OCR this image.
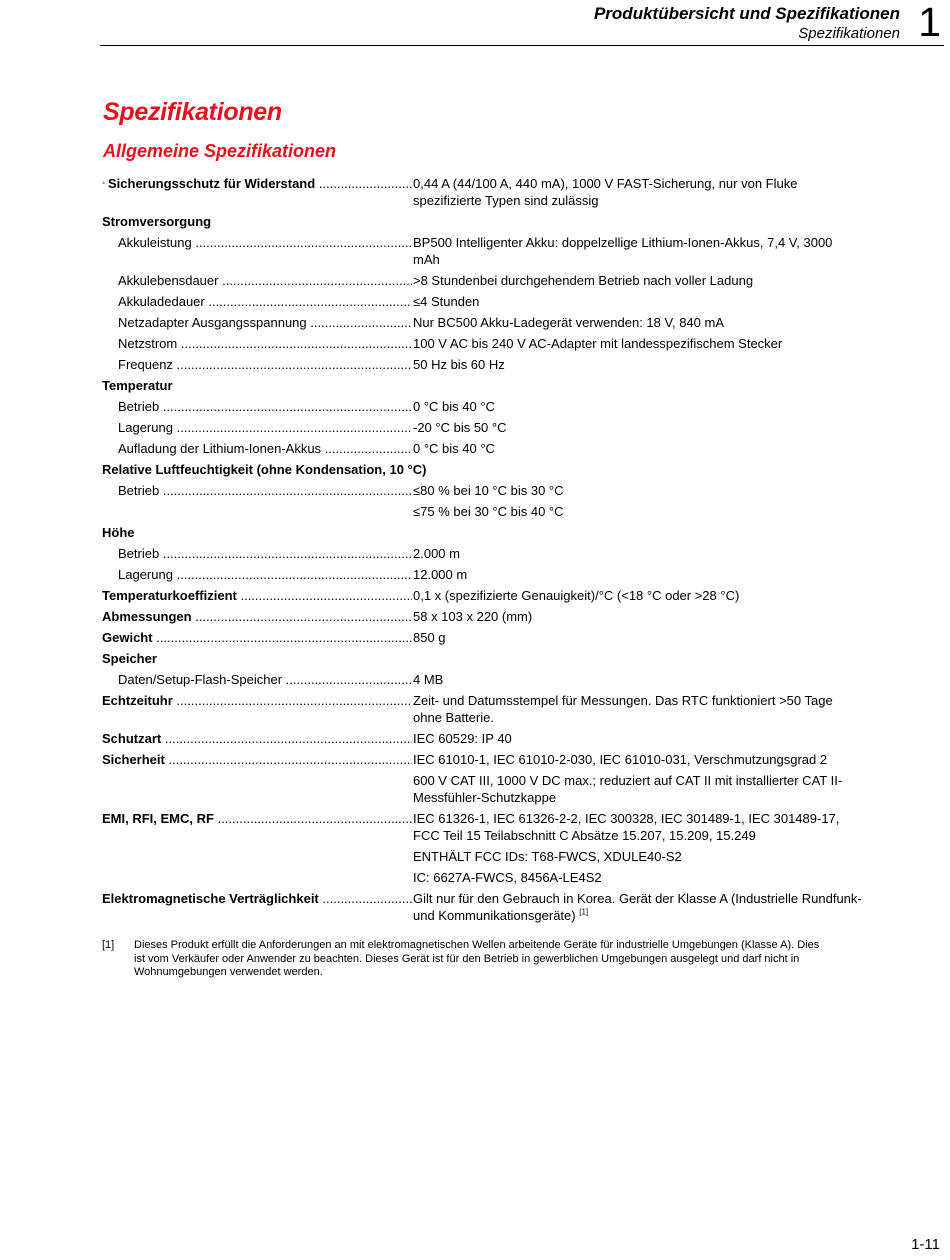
Produktübersicht und Spezifikationen
Spezifikationen 1
Spezifikationen
Allgemeine Spezifikationen
Sicherungsschutz für Widerstand .....	0,44 A (44/100 A, 440 mA), 1000 V FAST-Sicherung, nur von Fluke spezifizierte Typen sind zulässig
Stromversorgung
Akkuleistung .....	BP500 Intelligenter Akku: doppelzellige Lithium-Ionen-Akkus, 7,4 V, 3000 mAh
Akkulebensdauer .....	>8 Stundenbei durchgehendem Betrieb nach voller Ladung
Akkuladedauer .....	≤4 Stunden
Netzadapter Ausgangsspannung .....	Nur BC500 Akku-Ladegerät verwenden: 18 V, 840 mA
Netzstrom .....	100 V AC bis 240 V AC-Adapter mit landesspezifischem Stecker
Frequenz .....	50 Hz bis 60 Hz
Temperatur
Betrieb .....	0 °C bis 40 °C
Lagerung .....	-20 °C bis 50 °C
Aufladung der Lithium-Ionen-Akkus .....	0 °C bis 40 °C
Relative Luftfeuchtigkeit (ohne Kondensation, 10 °C)
Betrieb .....	≤80 % bei 10 °C bis 30 °C
≤75 % bei 30 °C bis 40 °C
Höhe
Betrieb .....	2.000 m
Lagerung .....	12.000 m
Temperaturkoeffizient .....	0,1 x (spezifizierte Genauigkeit)/°C (<18 °C oder >28 °C)
Abmessungen .....	58 x 103 x 220 (mm)
Gewicht .....	850 g
Speicher
Daten/Setup-Flash-Speicher .....	4 MB
Echtzeituhr .....	Zeit- und Datumsstempel für Messungen. Das RTC funktioniert >50 Tage ohne Batterie.
Schutzart .....	IEC 60529: IP 40
Sicherheit .....	IEC 61010-1, IEC 61010-2-030, IEC 61010-031, Verschmutzungsgrad 2
600 V CAT III, 1000 V DC max.; reduziert auf CAT II mit installierter CAT II-Messfühler-Schutzkappe
EMI, RFI, EMC, RF .....	IEC 61326-1, IEC 61326-2-2, IEC 300328, IEC 301489-1, IEC 301489-17, FCC Teil 15 Teilabschnitt C Absätze 15.207, 15.209, 15.249
ENTHÄLT FCC IDs: T68-FWCS, XDULE40-S2
IC: 6627A-FWCS, 8456A-LE4S2
Elektromagnetische Verträglichkeit .....	Gilt nur für den Gebrauch in Korea. Gerät der Klasse A (Industrielle Rundfunk- und Kommunikationsgeräte) [1]
[1]	Dieses Produkt erfüllt die Anforderungen an mit elektromagnetischen Wellen arbeitende Geräte für industrielle Umgebungen (Klasse A). Dies ist vom Verkäufer oder Anwender zu beachten. Dieses Gerät ist für den Betrieb in gewerblichen Umgebungen ausgelegt und darf nicht in Wohnumgebungen verwendet werden.
1-11
